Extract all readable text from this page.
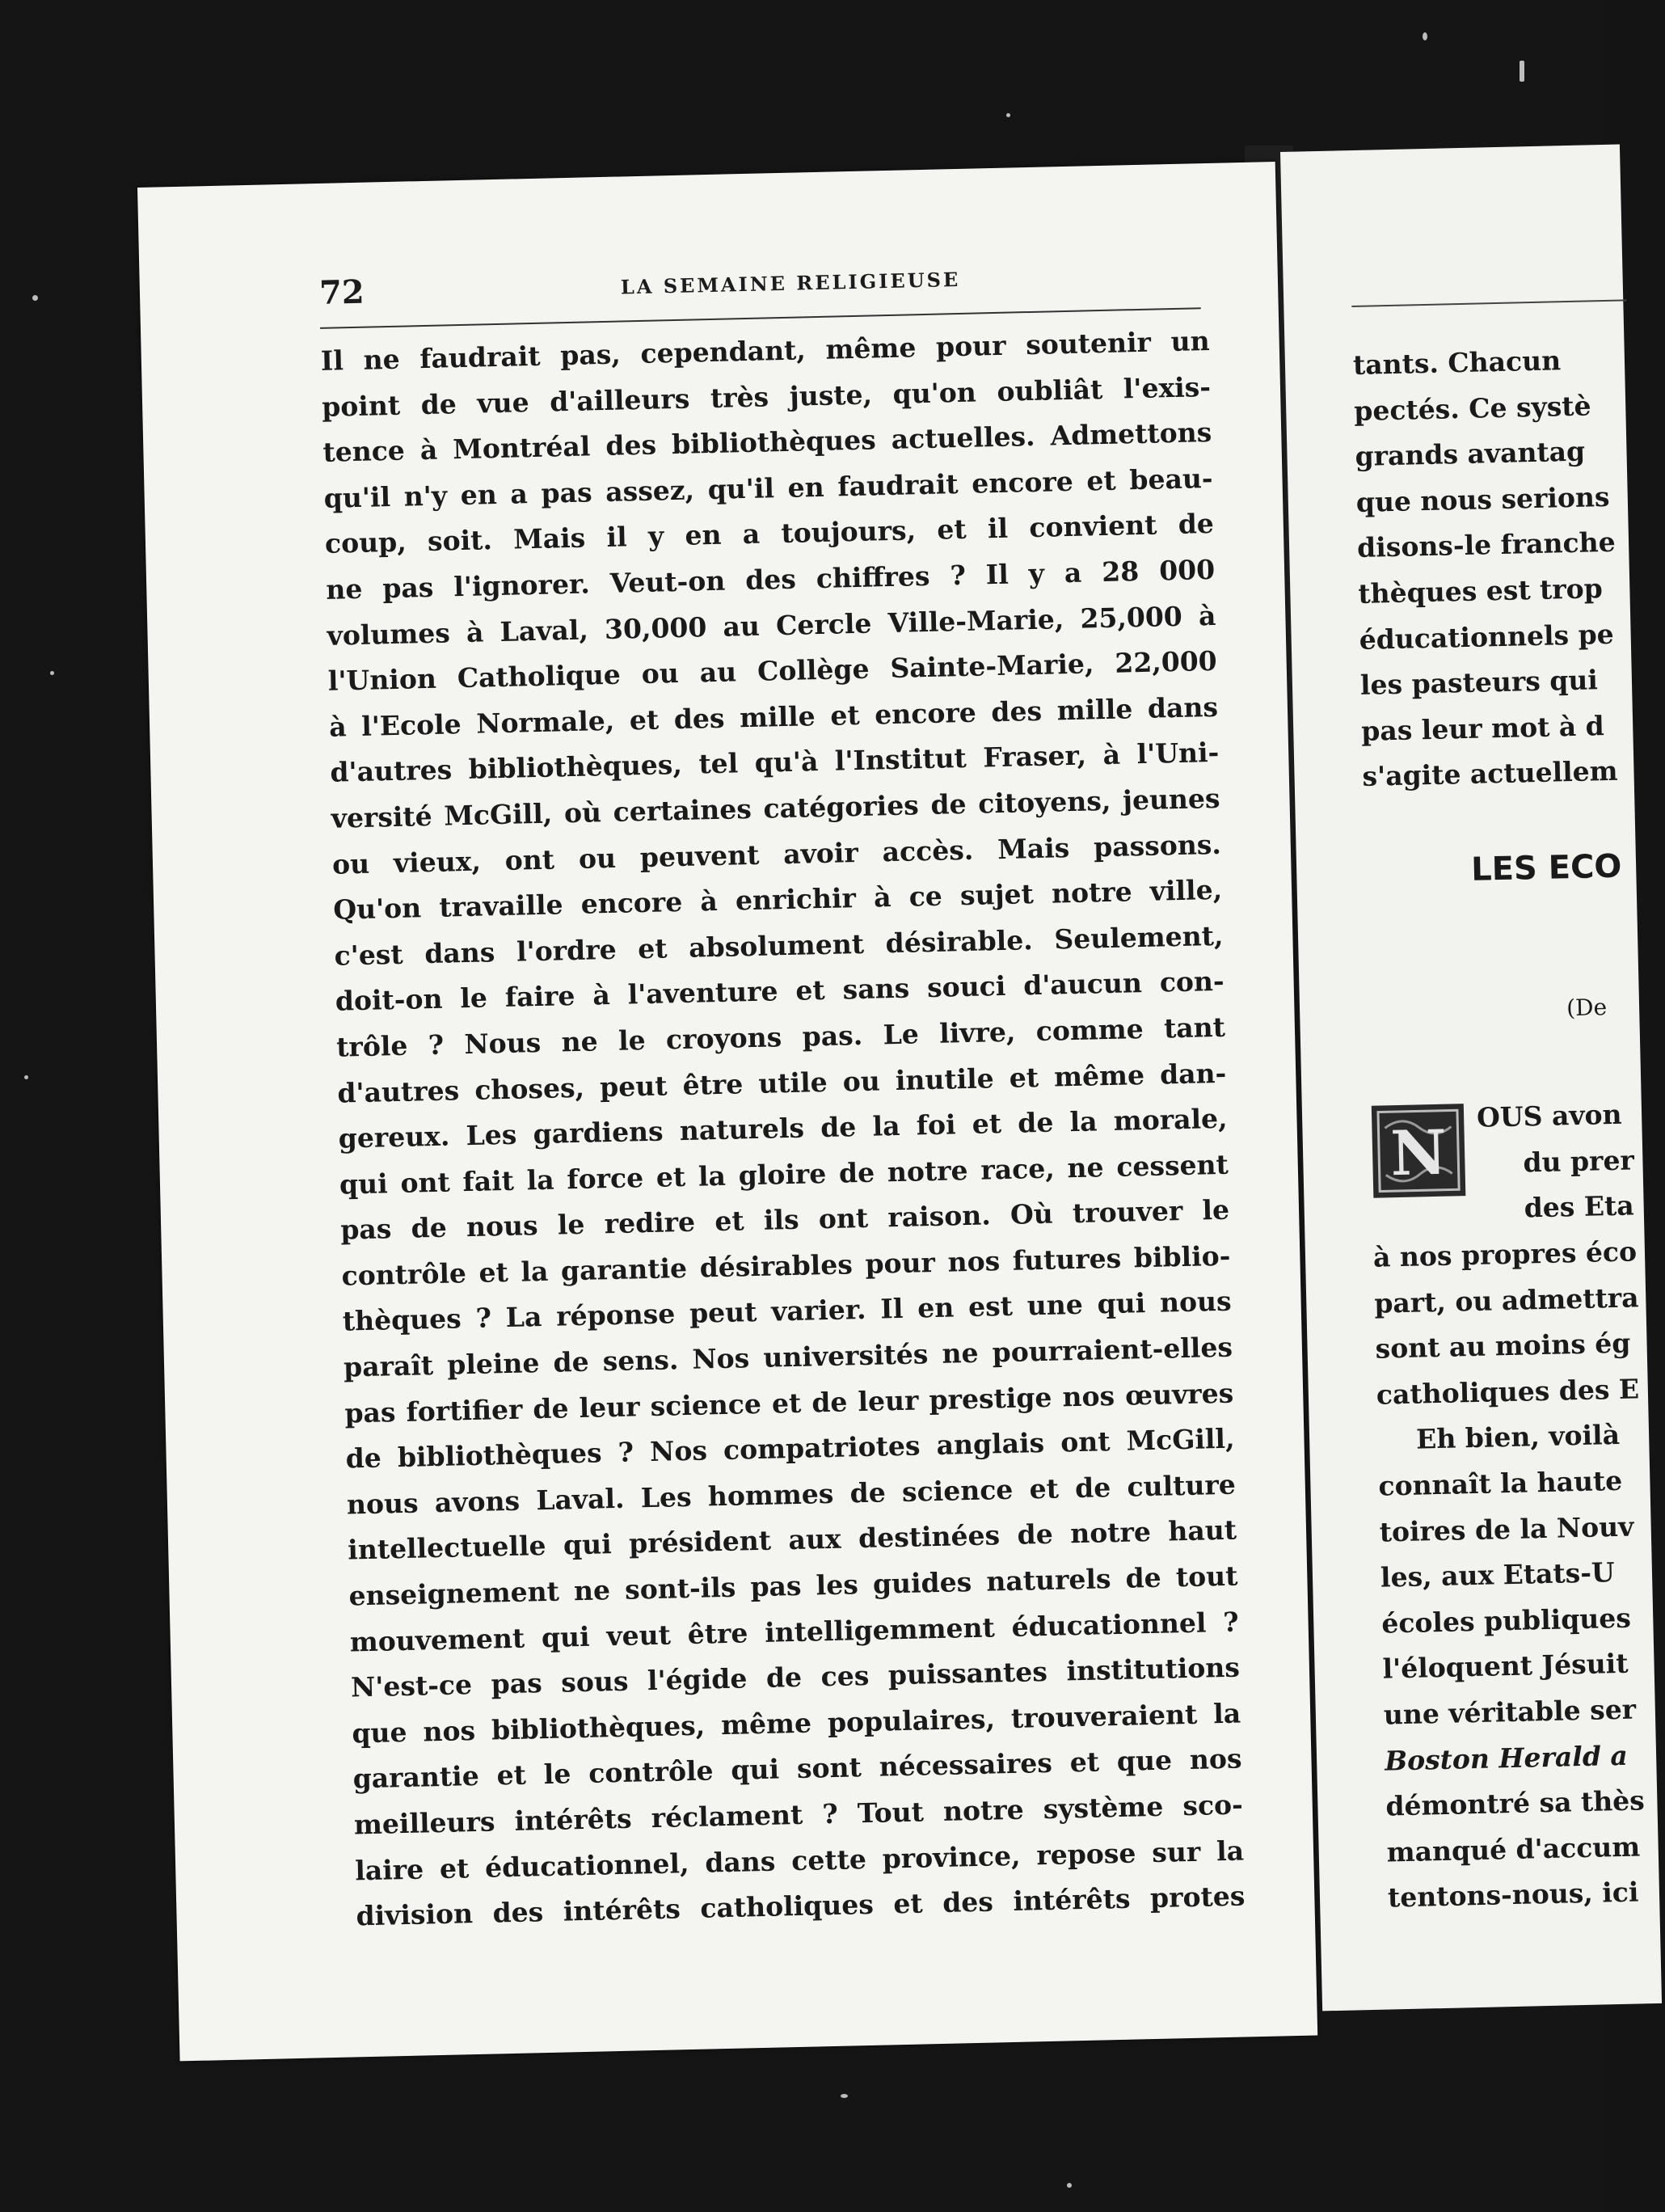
72	LA SEMAINE RELIGIEUSE
Il ne faudrait pas, cependant, même pour soutenir un
point de vue d'ailleurs très juste, qu'on oubliât l'exis-
tence à Montréal des bibliothèques actuelles. Admettons
qu'il n'y en a pas assez, qu'il en faudrait encore et beau-
coup, soit. Mais il y en a toujours, et il convient de
ne pas l'ignorer. Veut-on des chiffres ? Il y a 28 000
volumes à Laval, 30,000 au Cercle Ville-Marie, 25,000 à
l'Union Catholique ou au Collège Sainte-Marie, 22,000
à l'Ecole Normale, et des mille et encore des mille dans
d'autres bibliothèques, tel qu'à l'Institut Fraser, à l'Uni-
versité McGill, où certaines catégories de citoyens, jeunes
ou vieux, ont ou peuvent avoir accès. Mais passons.
Qu'on travaille encore à enrichir à ce sujet notre ville,
c'est dans l'ordre et absolument désirable. Seulement,
doit-on le faire à l'aventure et sans souci d'aucun con-
trôle ? Nous ne le croyons pas. Le livre, comme tant
d'autres choses, peut être utile ou inutile et même dan-
gereux. Les gardiens naturels de la foi et de la morale,
qui ont fait la force et la gloire de notre race, ne cessent
pas de nous le redire et ils ont raison. Où trouver le
contrôle et la garantie désirables pour nos futures biblio-
thèques ? La réponse peut varier. Il en est une qui nous
paraît pleine de sens. Nos universités ne pourraient-elles
pas fortifier de leur science et de leur prestige nos œuvres
de bibliothèques ? Nos compatriotes anglais ont McGill,
nous avons Laval. Les hommes de science et de culture
intellectuelle qui président aux destinées de notre haut
enseignement ne sont-ils pas les guides naturels de tout
mouvement qui veut être intelligemment éducationnel ?
N'est-ce pas sous l'égide de ces puissantes institutions
que nos bibliothèques, même populaires, trouveraient la
garantie et le contrôle qui sont nécessaires et que nos
meilleurs intérêts réclament ? Tout notre système sco-
laire et éducationnel, dans cette province, repose sur la
division des intérêts catholiques et des intérêts protes
tants. Chacun
pectés. Ce systè
grands avantag
que nous serions
disons-le franche
thèques est trop
éducationnels pe
les pasteurs qui
pas leur mot à d
s'agite actuellem
LES ECO
(De
N
OUS avon
du prer
des Eta
à nos propres éco
part, ou admettra
sont au moins ég
catholiques des E
Eh bien, voilà
connaît la haute
toires de la Nouv
les, aux Etats-U
écoles publiques
l'éloquent Jésuit
une véritable ser
Boston Herald a
démontré sa thès
manqué d'accum
tentons-nous, ici
